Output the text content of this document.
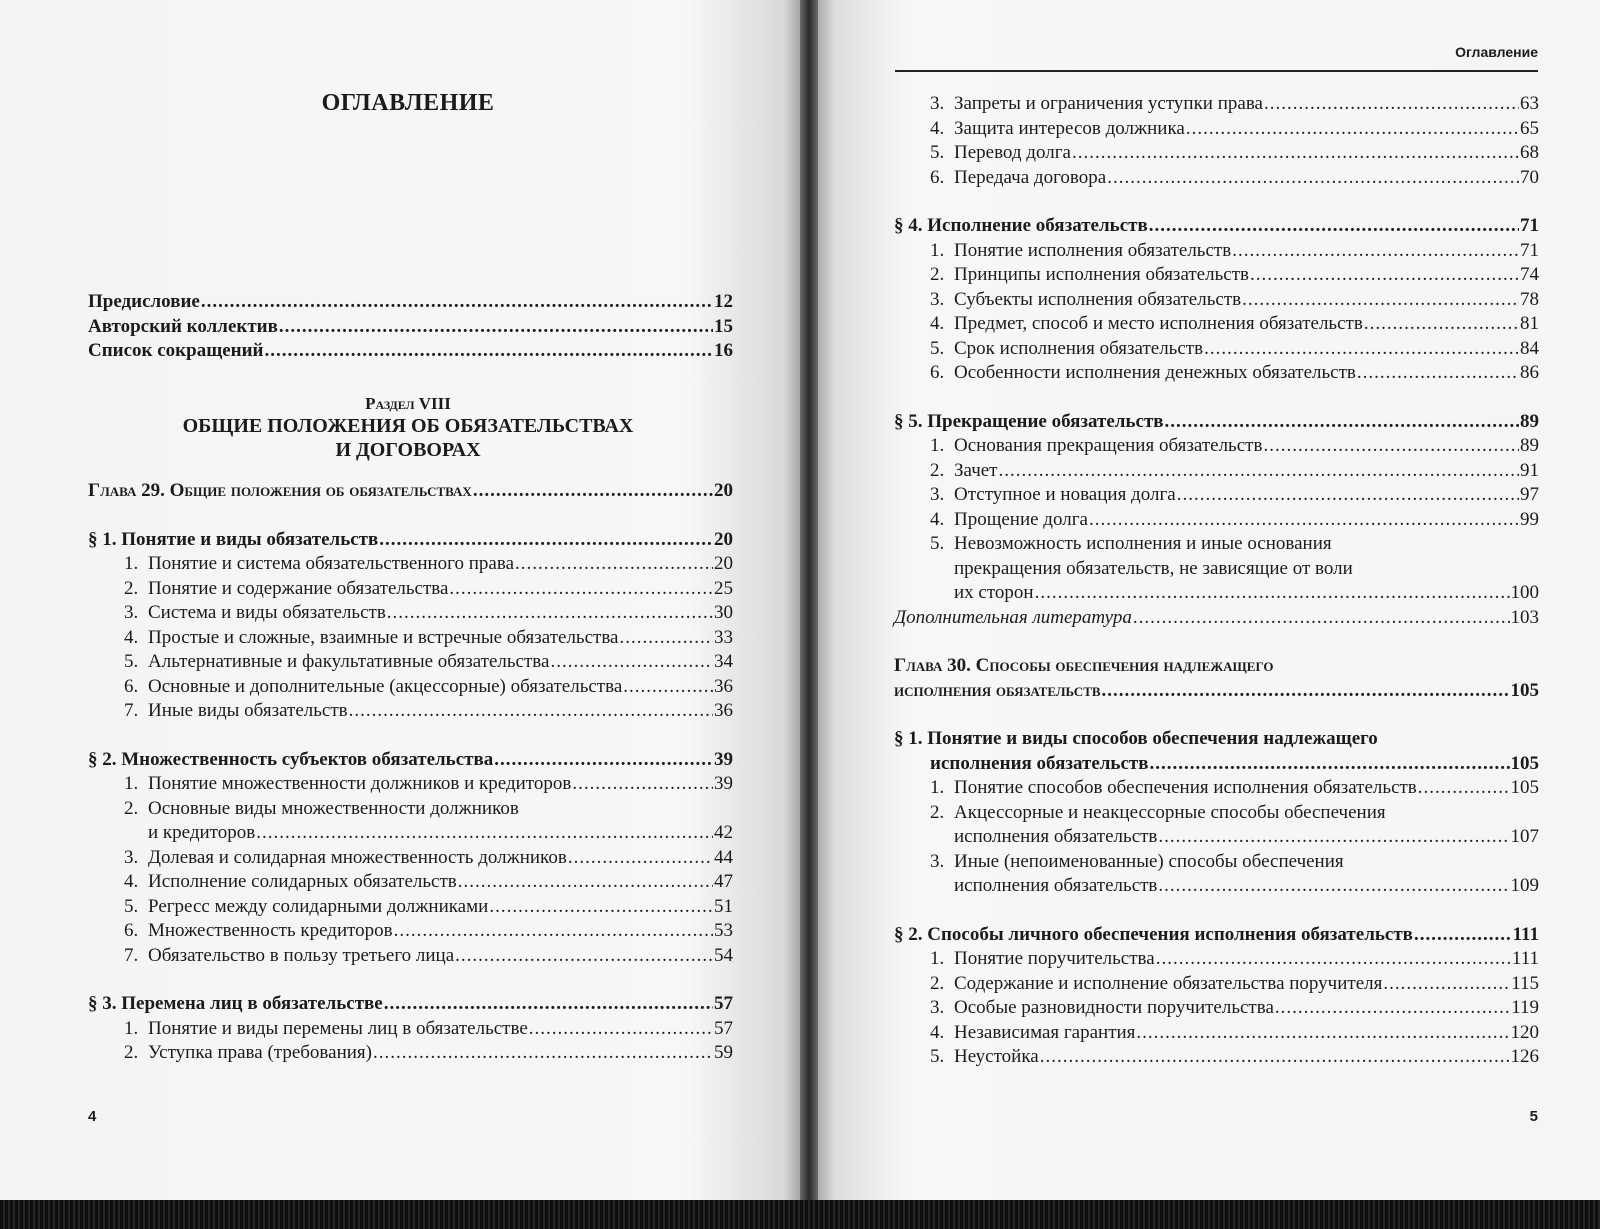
ОГЛАВЛЕНИЕ
Предисловие .....	12
Авторский коллектив .....	15
Список сокращений .....	16
Раздел VIII
ОБЩИЕ ПОЛОЖЕНИЯ ОБ ОБЯЗАТЕЛЬСТВАХ
И ДОГОВОРАХ
Глава 29. Общие положения об обязательствах .....	20
§ 1. Понятие и виды обязательств .....	20
1. Понятие и система обязательственного права .....	20
2. Понятие и содержание обязательства .....	25
3. Система и виды обязательств .....	30
4. Простые и сложные, взаимные и встречные обязательства .....	33
5. Альтернативные и факультативные обязательства .....	34
6. Основные и дополнительные (акцессорные) обязательства .....	36
7. Иные виды обязательств .....	36
§ 2. Множественность субъектов обязательства .....	39
1. Понятие множественности должников и кредиторов .....	39
2. Основные виды множественности должников
и кредиторов .....	42
3. Долевая и солидарная множественность должников .....	44
4. Исполнение солидарных обязательств .....	47
5. Регресс между солидарными должниками .....	51
6. Множественность кредиторов .....	53
7. Обязательство в пользу третьего лица .....	54
§ 3. Перемена лиц в обязательстве .....	57
1. Понятие и виды перемены лиц в обязательстве .....	57
2. Уступка права (требования) .....	59
4
Оглавление
3. Запреты и ограничения уступки права .....	63
4. Защита интересов должника .....	65
5. Перевод долга .....	68
6. Передача договора .....	70
§ 4. Исполнение обязательств .....	71
1. Понятие исполнения обязательств .....	71
2. Принципы исполнения обязательств .....	74
3. Субъекты исполнения обязательств .....	78
4. Предмет, способ и место исполнения обязательств .....	81
5. Срок исполнения обязательств .....	84
6. Особенности исполнения денежных обязательств .....	86
§ 5. Прекращение обязательств .....	89
1. Основания прекращения обязательств .....	89
2. Зачет .....	91
3. Отступное и новация долга .....	97
4. Прощение долга .....	99
5. Невозможность исполнения и иные основания
прекращения обязательств, не зависящие от воли
их сторон .....	100
Дополнительная литература .....	103
Глава 30. Способы обеспечения надлежащего
исполнения обязательств .....	105
§ 1. Понятие и виды способов обеспечения надлежащего
исполнения обязательств .....	105
1. Понятие способов обеспечения исполнения обязательств .....	105
2. Акцессорные и неакцессорные способы обеспечения
исполнения обязательств .....	107
3. Иные (непоименованные) способы обеспечения
исполнения обязательств .....	109
§ 2. Способы личного обеспечения исполнения обязательств .....	111
1. Понятие поручительства .....	111
2. Содержание и исполнение обязательства поручителя .....	115
3. Особые разновидности поручительства .....	119
4. Независимая гарантия .....	120
5. Неустойка .....	126
5
